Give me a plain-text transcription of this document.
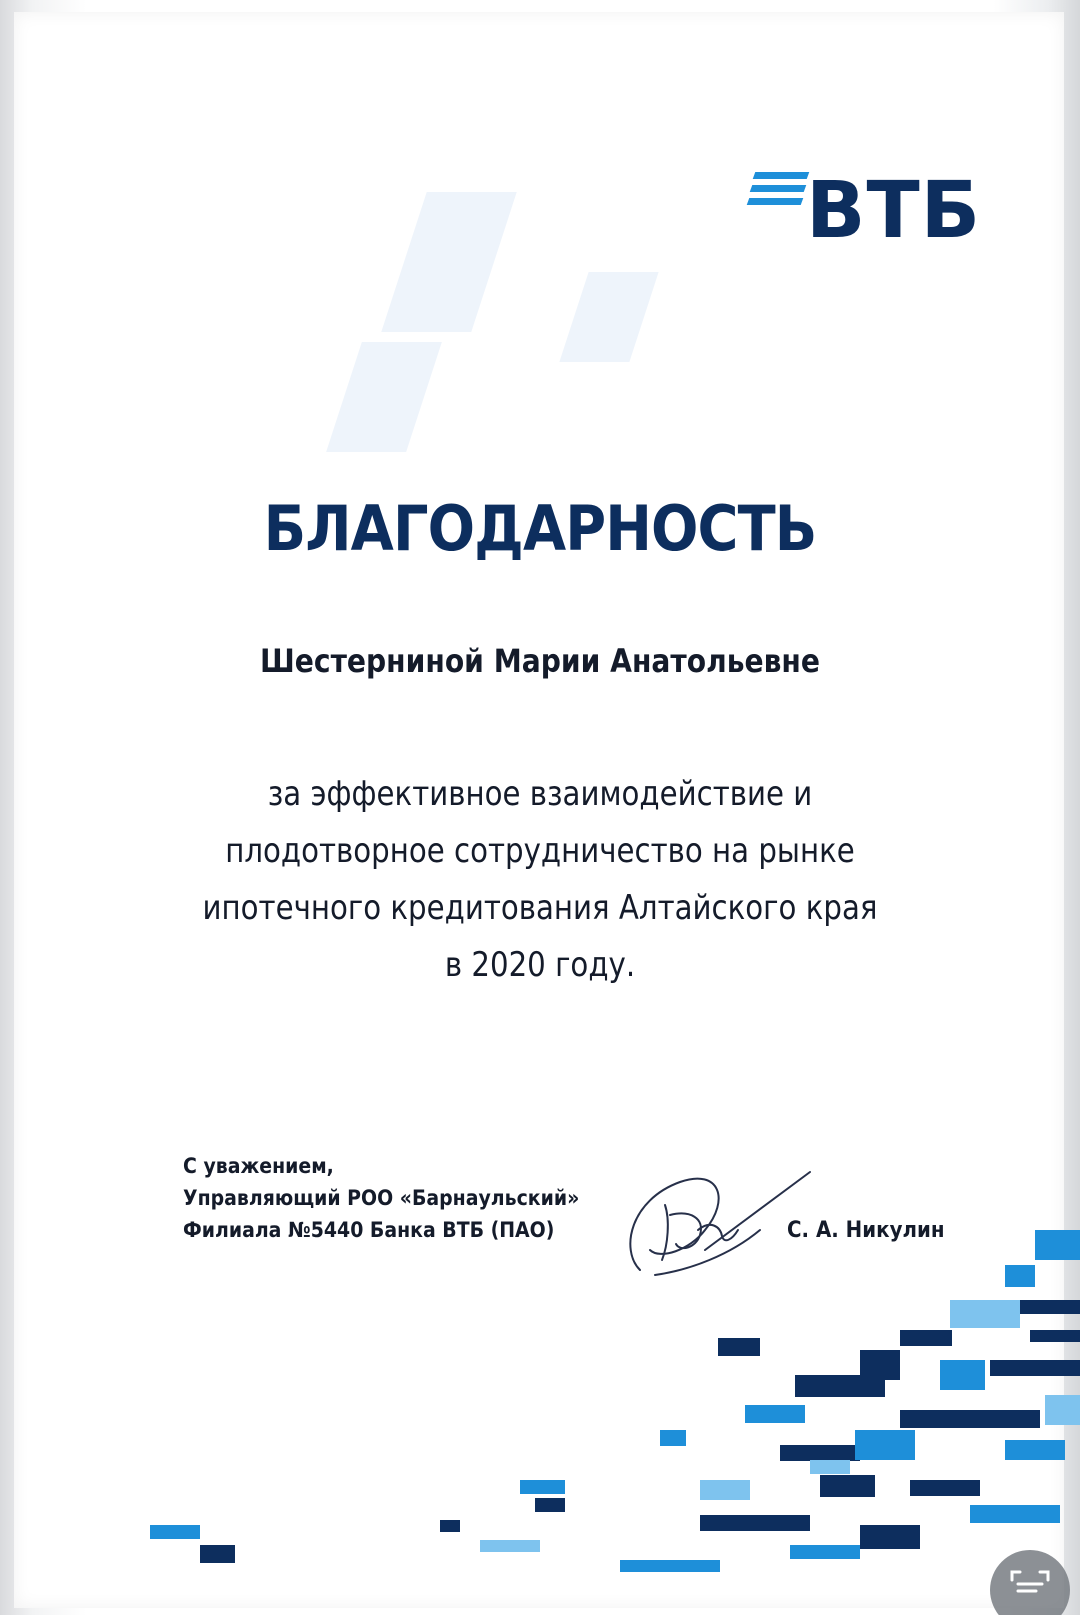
ВТБ
БЛАГОДАРНОСТЬ
Шестерниной Марии Анатольевне
за эффективное взаимодействие и
плодотворное сотрудничество на рынке
ипотечного кредитования Алтайского края
в 2020 году.
С уважением,
Управляющий РОО «Барнаульский»
Филиала №5440 Банка ВТБ (ПАО)	С. А. Никулин
